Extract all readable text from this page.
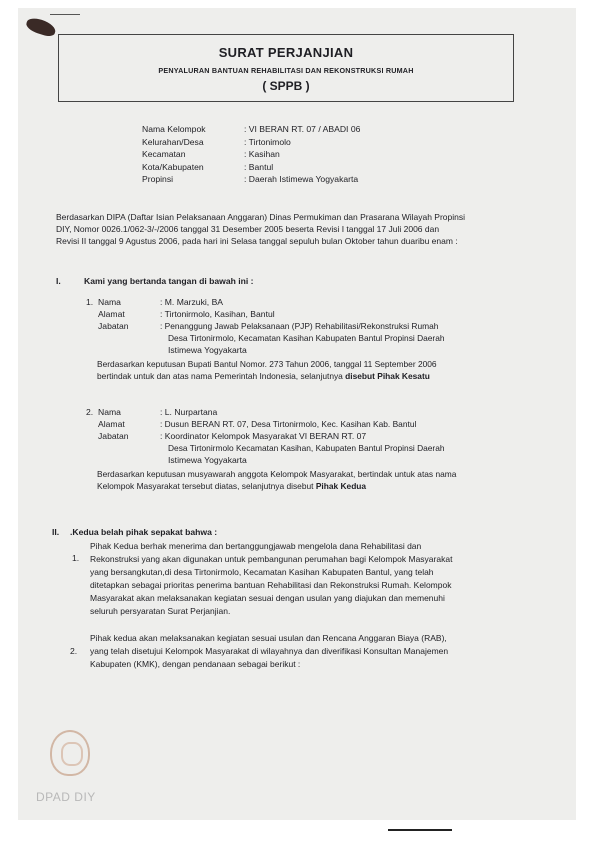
SURAT PERJANJIAN
PENYALURAN BANTUAN REHABILITASI DAN REKONSTRUKSI RUMAH
( SPPB )
Nama Kelompok	: VI BERAN RT. 07 / ABADI 06
Kelurahan/Desa	: Tirtonimolo
Kecamatan	: Kasihan
Kota/Kabupaten	: Bantul
Propinsi	: Daerah Istimewa Yogyakarta
Berdasarkan DIPA (Daftar Isian Pelaksanaan Anggaran) Dinas Permukiman dan Prasarana Wilayah Propinsi
DIY, Nomor 0026.1/062-3/-/2006 tanggal 31 Desember 2005 beserta Revisi I tanggal 17 Juli 2006 dan
Revisi II tanggal 9 Agustus 2006, pada hari ini Selasa tanggal sepuluh bulan Oktober tahun duaribu enam :
I.	Kami yang bertanda tangan di bawah ini :
1. Nama	: M. Marzuki, BA
Alamat	: Tirtonirmolo, Kasihan, Bantul
Jabatan	: Penanggung Jawab Pelaksanaan (PJP) Rehabilitasi/Rekonstruksi Rumah
Desa Tirtonirmolo, Kecamatan Kasihan Kabupaten Bantul Propinsi Daerah
Istimewa Yogyakarta
Berdasarkan keputusan Bupati Bantul Nomor. 273 Tahun 2006, tanggal 11 September 2006
bertindak untuk dan atas nama Pemerintah Indonesia, selanjutnya disebut Pihak Kesatu
2. Nama	: L. Nurpartana
Alamat	: Dusun BERAN RT. 07, Desa Tirtonirmolo, Kec. Kasihan Kab. Bantul
Jabatan	: Koordinator Kelompok Masyarakat VI BERAN RT. 07
Desa Tirtonirmolo Kecamatan Kasihan, Kabupaten Bantul Propinsi Daerah
Istimewa Yogyakarta
Berdasarkan keputusan musyawarah anggota Kelompok Masyarakat, bertindak untuk atas nama
Kelompok Masyarakat tersebut diatas, selanjutnya disebut Pihak Kedua
II. .Kedua belah pihak sepakat bahwa :
1.
Pihak Kedua berhak menerima dan bertanggungjawab mengelola dana Rehabilitasi dan
Rekonstruksi yang akan digunakan untuk pembangunan perumahan bagi Kelompok Masyarakat
yang bersangkutan,di desa Tirtonirmolo, Kecamatan Kasihan Kabupaten Bantul, yang telah
ditetapkan sebagai prioritas penerima bantuan Rehabilitasi dan Rekonstruksi Rumah. Kelompok
Masyarakat akan melaksanakan kegiatan sesuai dengan usulan yang diajukan dan memenuhi
seluruh persyaratan Surat Perjanjian.
2.
Pihak kedua akan melaksanakan kegiatan sesuai usulan dan Rencana Anggaran Biaya (RAB),
yang telah disetujui Kelompok Masyarakat di wilayahnya dan diverifikasi Konsultan Manajemen
Kabupaten (KMK), dengan pendanaan sebagai berikut :
DPAD DIY
